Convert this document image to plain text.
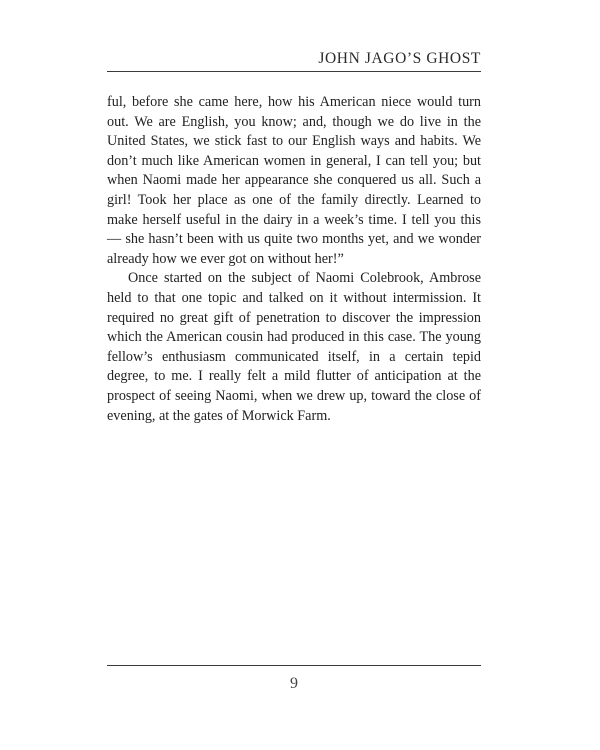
JOHN JAGO’S GHOST

ful, before she came here, how his American niece would turn out. We are English, you know; and, though we do live in the United States, we stick fast to our English ways and habits. We don’t much like American women in general, I can tell you; but when Naomi made her appearance she conquered us all. Such a girl! Took her place as one of the family directly. Learned to make herself useful in the dairy in a week’s time. I tell you this — she hasn’t been with us quite two months yet, and we wonder already how we ever got on without her!”

Once started on the subject of Naomi Colebrook, Ambrose held to that one topic and talked on it without intermission. It required no great gift of penetration to discover the impression which the American cousin had produced in this case. The young fellow’s enthusiasm communicated itself, in a certain tepid degree, to me. I really felt a mild flutter of anticipation at the prospect of seeing Naomi, when we drew up, toward the close of evening, at the gates of Morwick Farm.

9
